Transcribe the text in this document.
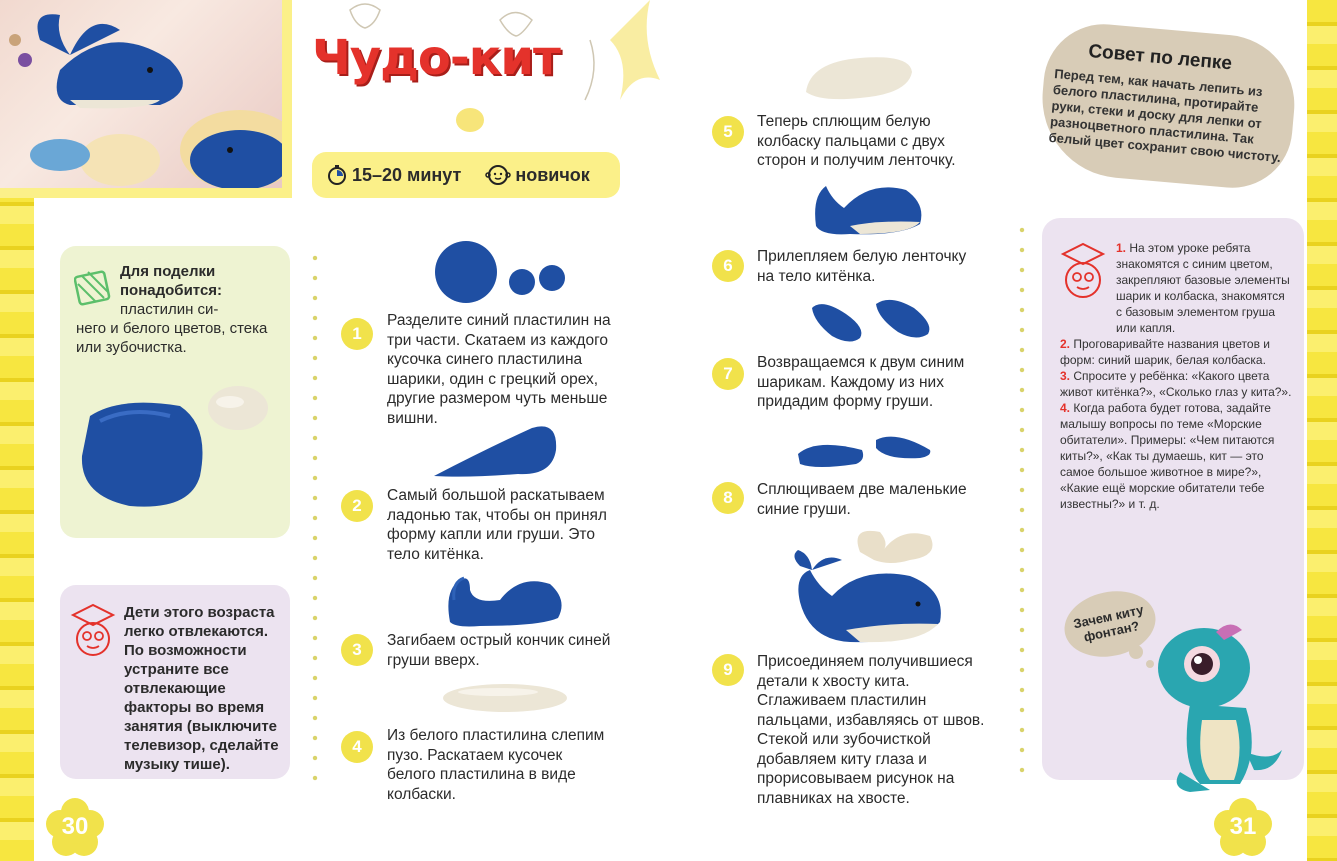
Чудо-кит
15–20 минут	новичок
Для поделки понадобится:
пластилин си-
него и белого цветов, стека или зубочистка.
Дети этого возраста легко отвлекаются. По возможности устраните все отвлекающие факторы во время занятия (выключите телевизор, сделайте музыку тише).
1
Разделите синий пластилин на три части. Скатаем из каждого кусочка синего пластилина шарики, один с грецкий орех, другие размером чуть меньше вишни.
2
Самый большой раскатываем ладонью так, чтобы он принял форму капли или груши. Это тело китёнка.
3	Загибаем острый кончик синей груши вверх.
4
Из белого пластилина слепим пузо. Раскатаем кусочек белого пластилина в виде колбаски.
5
Теперь сплющим белую колбаску пальцами с двух сторон и получим ленточку.
6	Прилепляем белую ленточку на тело китёнка.
7
Возвращаемся к двум синим шарикам. Каждому из них придадим форму груши.
8	Сплющиваем две маленькие синие груши.
9	Присоединяем получившиеся детали к хвосту кита. Сглаживаем пластилин пальцами, избавляясь от швов. Стекой или зубочисткой добавляем киту глаза и прорисовываем рисунок на плавниках на хвосте.
Совет по лепке
Перед тем, как начать лепить из белого пластилина, протирайте руки, стеки и доску для лепки от разноцветного пластилина. Так белый цвет сохранит свою чистоту.
1. На этом уроке ребята знакомятся с синим цветом, закрепляют базовые элементы шарик и колбаска, знакомятся с базовым элементом груша или капля.
2. Проговаривайте названия цветов и форм: синий шарик, белая колбаска.
3. Спросите у ребёнка: «Какого цвета живот китёнка?», «Сколько глаз у кита?».
4. Когда работа будет готова, задайте малышу вопросы по теме «Морские обитатели». Примеры: «Чем питаются киты?», «Как ты думаешь, кит — это самое большое животное в мире?», «Какие ещё морские обитатели тебе известны?» и т. д.
Зачем киту фонтан?
30	31
